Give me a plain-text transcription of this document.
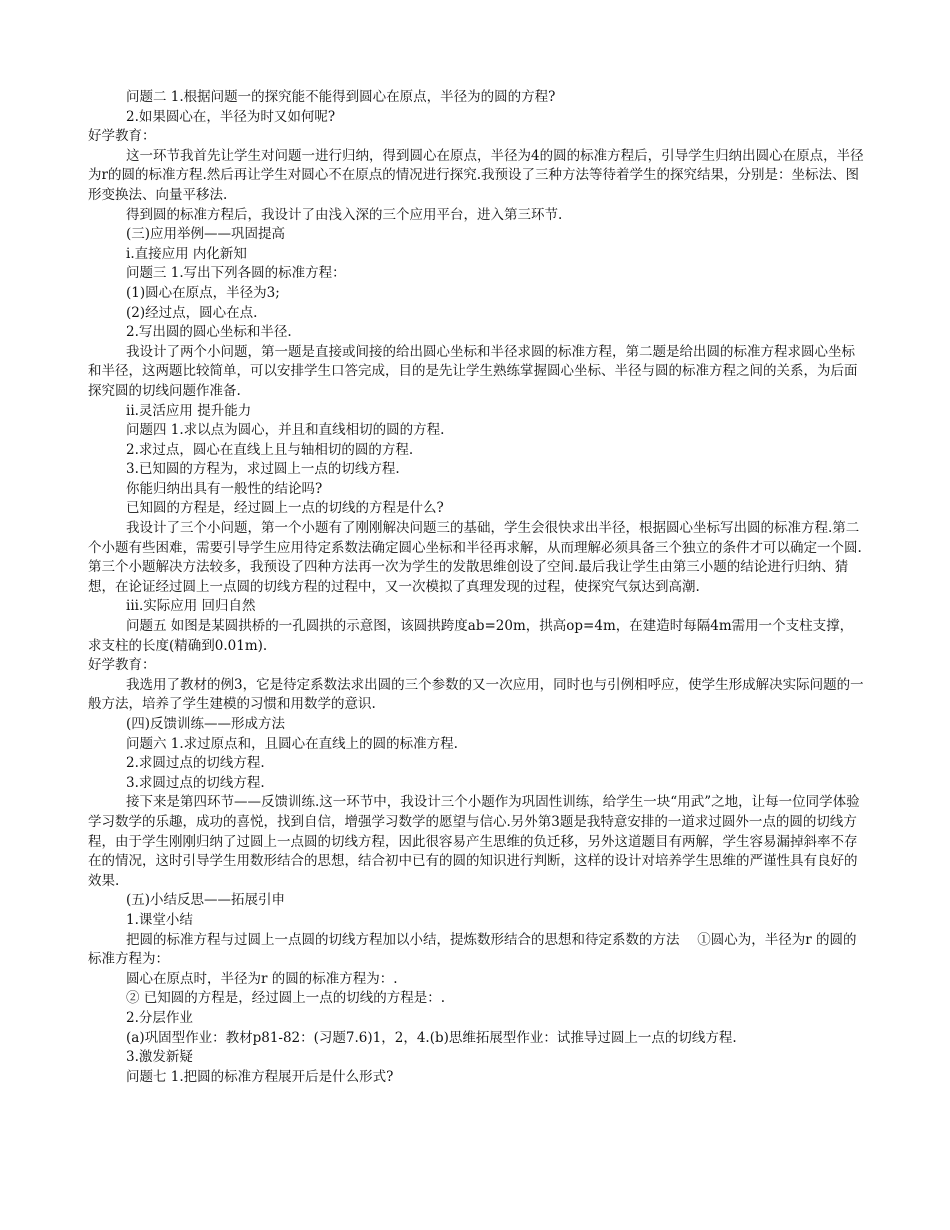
问题二 1.根据问题一的探究能不能得到圆心在原点，半径为的圆的方程?

2.如果圆心在，半径为时又如何呢?

好学教育：

这一环节我首先让学生对问题一进行归纳，得到圆心在原点，半径为4的圆的标准方程后，引导学生归纳出圆心在原点，半径为r的圆的标准方程.然后再让学生对圆心不在原点的情况进行探究.我预设了三种方法等待着学生的探究结果，分别是：坐标法、图形变换法、向量平移法.

得到圆的标准方程后，我设计了由浅入深的三个应用平台，进入第三环节.

(三)应用举例——巩固提高

i.直接应用 内化新知

问题三 1.写出下列各圆的标准方程：

(1)圆心在原点，半径为3;

(2)经过点，圆心在点.

2.写出圆的圆心坐标和半径.

我设计了两个小问题，第一题是直接或间接的给出圆心坐标和半径求圆的标准方程，第二题是给出圆的标准方程求圆心坐标和半径，这两题比较简单，可以安排学生口答完成，目的是先让学生熟练掌握圆心坐标、半径与圆的标准方程之间的关系，为后面探究圆的切线问题作准备.

ii.灵活应用 提升能力

问题四 1.求以点为圆心，并且和直线相切的圆的方程.

2.求过点，圆心在直线上且与轴相切的圆的方程.

3.已知圆的方程为，求过圆上一点的切线方程.

你能归纳出具有一般性的结论吗?

已知圆的方程是，经过圆上一点的切线的方程是什么?

我设计了三个小问题，第一个小题有了刚刚解决问题三的基础，学生会很快求出半径，根据圆心坐标写出圆的标准方程.第二个小题有些困难，需要引导学生应用待定系数法确定圆心坐标和半径再求解，从而理解必须具备三个独立的条件才可以确定一个圆.第三个小题解决方法较多，我预设了四种方法再一次为学生的发散思维创设了空间.最后我让学生由第三小题的结论进行归纳、猜想，在论证经过圆上一点圆的切线方程的过程中，又一次模拟了真理发现的过程，使探究气氛达到高潮.

iii.实际应用 回归自然

问题五 如图是某圆拱桥的一孔圆拱的示意图，该圆拱跨度ab=20m，拱高op=4m，在建造时每隔4m需用一个支柱支撑，求支柱的长度(精确到0.01m).

好学教育：

我选用了教材的例3，它是待定系数法求出圆的三个参数的又一次应用，同时也与引例相呼应，使学生形成解决实际问题的一般方法，培养了学生建模的习惯和用数学的意识.

(四)反馈训练——形成方法

问题六 1.求过原点和，且圆心在直线上的圆的标准方程.

2.求圆过点的切线方程.

3.求圆过点的切线方程.

接下来是第四环节——反馈训练.这一环节中，我设计三个小题作为巩固性训练，给学生一块“用武”之地，让每一位同学体验学习数学的乐趣，成功的喜悦，找到自信，增强学习数学的愿望与信心.另外第3题是我特意安排的一道求过圆外一点的圆的切线方程，由于学生刚刚归纳了过圆上一点圆的切线方程，因此很容易产生思维的负迁移，另外这道题目有两解，学生容易漏掉斜率不存在的情况，这时引导学生用数形结合的思想，结合初中已有的圆的知识进行判断，这样的设计对培养学生思维的严谨性具有良好的效果.

(五)小结反思——拓展引申

1.课堂小结

把圆的标准方程与过圆上一点圆的切线方程加以小结，提炼数形结合的思想和待定系数的方法　 ①圆心为，半径为r 的圆的标准方程为：

圆心在原点时，半径为r 的圆的标准方程为：.

② 已知圆的方程是，经过圆上一点的切线的方程是：.

2.分层作业

(a)巩固型作业：教材p81-82：(习题7.6)1，2，4.(b)思维拓展型作业：试推导过圆上一点的切线方程.

3.激发新疑

问题七 1.把圆的标准方程展开后是什么形式?
